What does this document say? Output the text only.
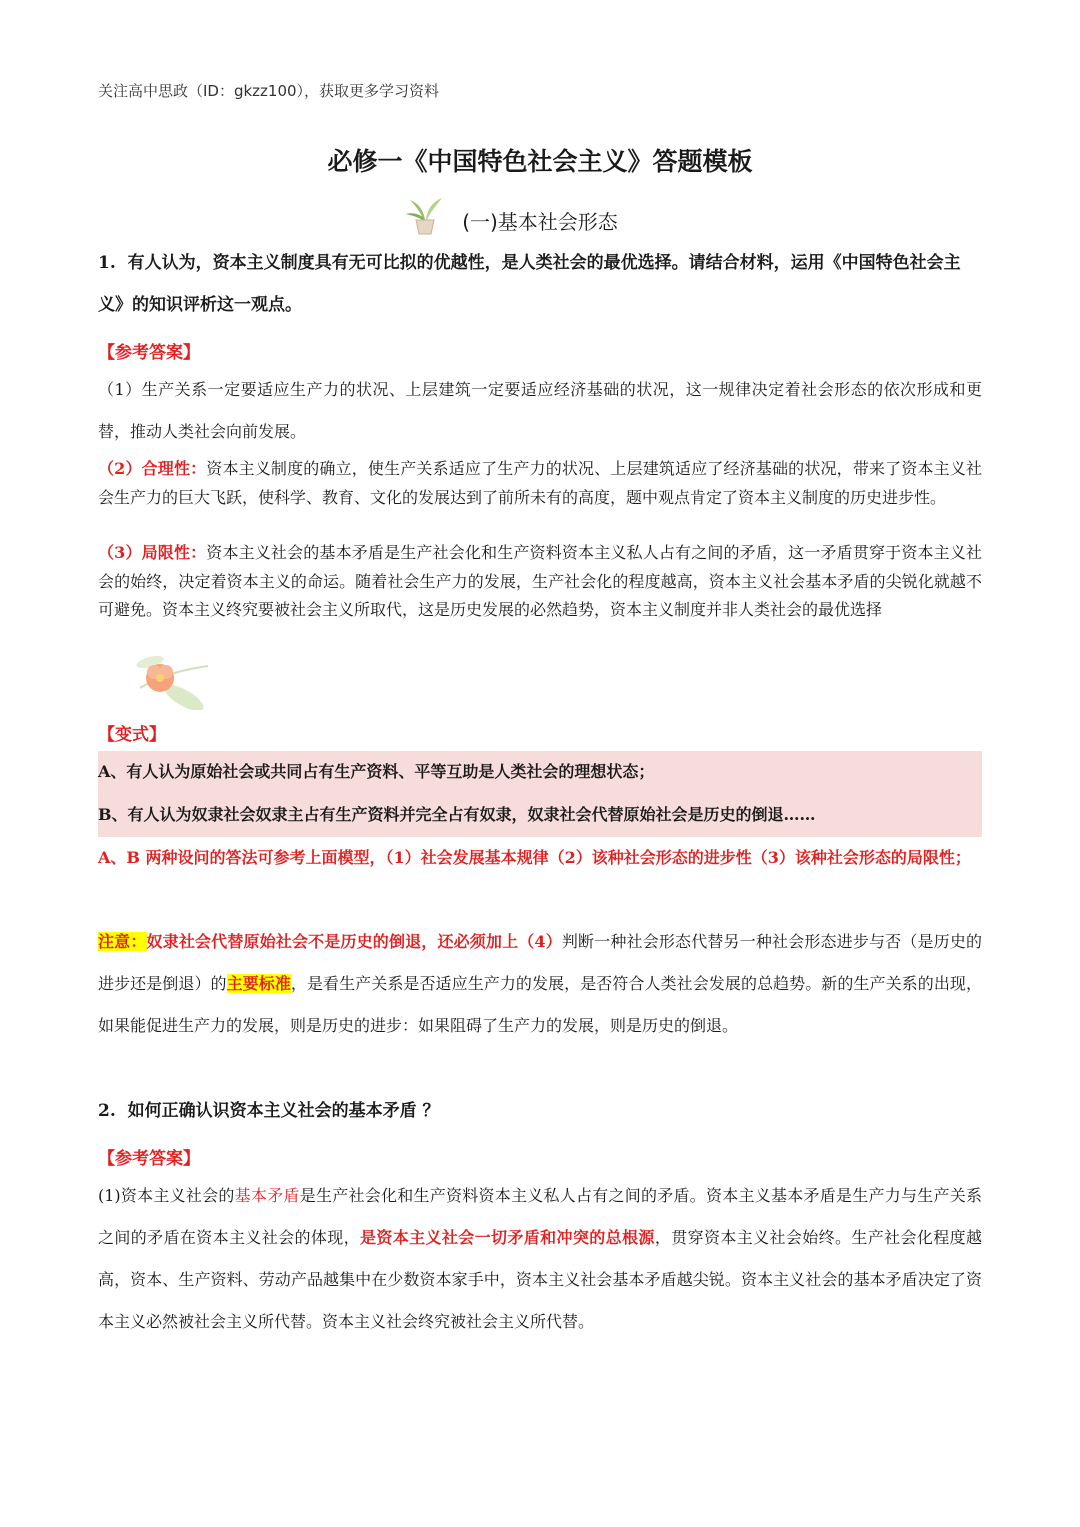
关注高中思政（ID：gkzz100），获取更多学习资料
必修一《中国特色社会主义》答题模板
(一)基本社会形态
1. 有人认为，资本主义制度具有无可比拟的优越性，是人类社会的最优选择。请结合材料，运用《中国特色社会主义》的知识评析这一观点。
【参考答案】
（1）生产关系一定要适应生产力的状况、上层建筑一定要适应经济基础的状况，这一规律决定着社会形态的依次形成和更替，推动人类社会向前发展。
（2）合理性：资本主义制度的确立，使生产关系适应了生产力的状况、上层建筑适应了经济基础的状况，带来了资本主义社会生产力的巨大飞跃，使科学、教育、文化的发展达到了前所未有的高度，题中观点肯定了资本主义制度的历史进步性。
（3）局限性：资本主义社会的基本矛盾是生产社会化和生产资料资本主义私人占有之间的矛盾，这一矛盾贯穿于资本主义社会的始终，决定着资本主义的命运。随着社会生产力的发展，生产社会化的程度越高，资本主义社会基本矛盾的尖锐化就越不可避免。资本主义终究要被社会主义所取代，这是历史发展的必然趋势，资本主义制度并非人类社会的最优选择
【变式】
A、有人认为原始社会或共同占有生产资料、平等互助是人类社会的理想状态；
B、有人认为奴隶社会奴隶主占有生产资料并完全占有奴隶，奴隶社会代替原始社会是历史的倒退……
A、B 两种设问的答法可参考上面模型，（1）社会发展基本规律（2）该种社会形态的进步性（3）该种社会形态的局限性；
注意：奴隶社会代替原始社会不是历史的倒退，还必须加上（4）判断一种社会形态代替另一种社会形态进步与否（是历史的进步还是倒退）的主要标准，是看生产关系是否适应生产力的发展，是否符合人类社会发展的总趋势。新的生产关系的出现，如果能促进生产力的发展，则是历史的进步：如果阻碍了生产力的发展，则是历史的倒退。
2. 如何正确认识资本主义社会的基本矛盾 ？
【参考答案】
(1)资本主义社会的基本矛盾是生产社会化和生产资料资本主义私人占有之间的矛盾。资本主义基本矛盾是生产力与生产关系之间的矛盾在资本主义社会的体现，是资本主义社会一切矛盾和冲突的总根源，贯穿资本主义社会始终。生产社会化程度越高，资本、生产资料、劳动产品越集中在少数资本家手中，资本主义社会基本矛盾越尖锐。资本主义社会的基本矛盾决定了资本主义必然被社会主义所代替。资本主义社会终究被社会主义所代替。
